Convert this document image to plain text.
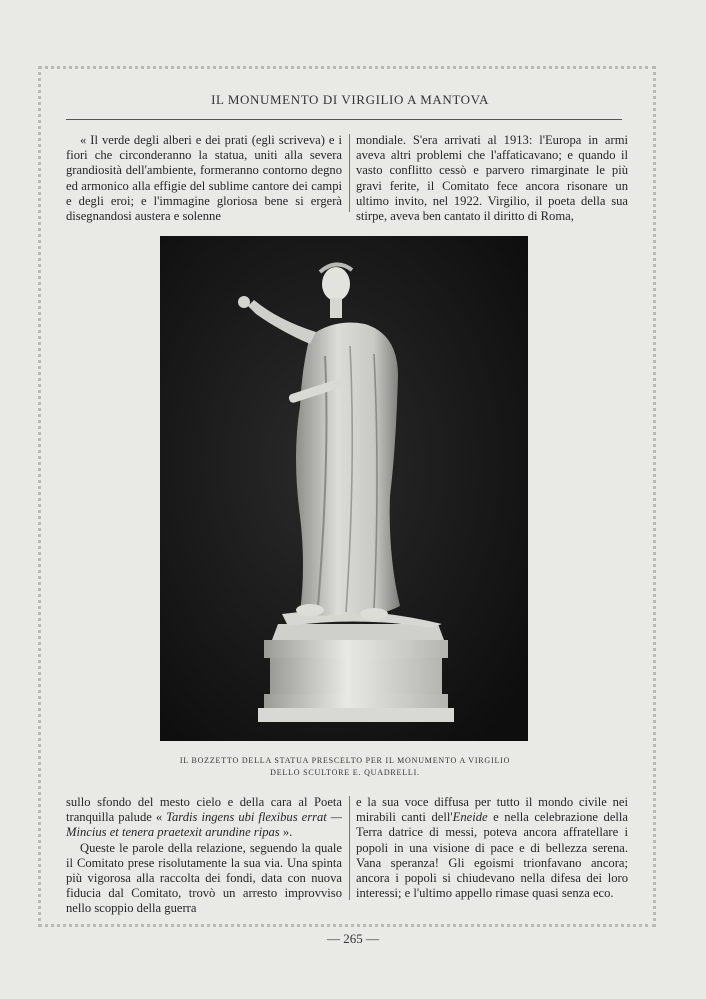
IL MONUMENTO DI VIRGILIO A MANTOVA

« Il verde degli alberi e dei prati (egli scriveva) e i fiori che circonderanno la statua, uniti alla severa grandiosità dell'ambiente, formeranno contorno degno ed armonico alla effigie del sublime cantore dei campi e degli eroi; e l'immagine gloriosa bene si ergerà disegnandosi austera e solenne

mondiale. S'era arrivati al 1913: l'Europa in armi aveva altri problemi che l'affaticavano; e quando il vasto conflitto cessò e parvero rimarginate le più gravi ferite, il Comitato fece ancora risonare un ultimo invito, nel 1922. Virgilio, il poeta della sua stirpe, aveva ben cantato il diritto di Roma,

IL BOZZETTO DELLA STATUA PRESCELTO PER IL MONUMENTO A VIRGILIO
DELLO SCULTORE E. QUADRELLI.

sullo sfondo del mesto cielo e della cara al Poeta tranquilla palude « Tardis ingens ubi flexibus errat — Mincius et tenera praetexit arundine ripas ».

Queste le parole della relazione, seguendo la quale il Comitato prese risolutamente la sua via. Una spinta più vigorosa alla raccolta dei fondi, data con nuova fiducia dal Comitato, trovò un arresto improvviso nello scoppio della guerra

e la sua voce diffusa per tutto il mondo civile nei mirabili canti dell'Eneide e nella celebrazione della Terra datrice di messi, poteva ancora affratellare i popoli in una visione di pace e di bellezza serena. Vana speranza! Gli egoismi trionfavano ancora; ancora i popoli si chiudevano nella difesa dei loro interessi; e l'ultimo appello rimase quasi senza eco.

— 265 —
